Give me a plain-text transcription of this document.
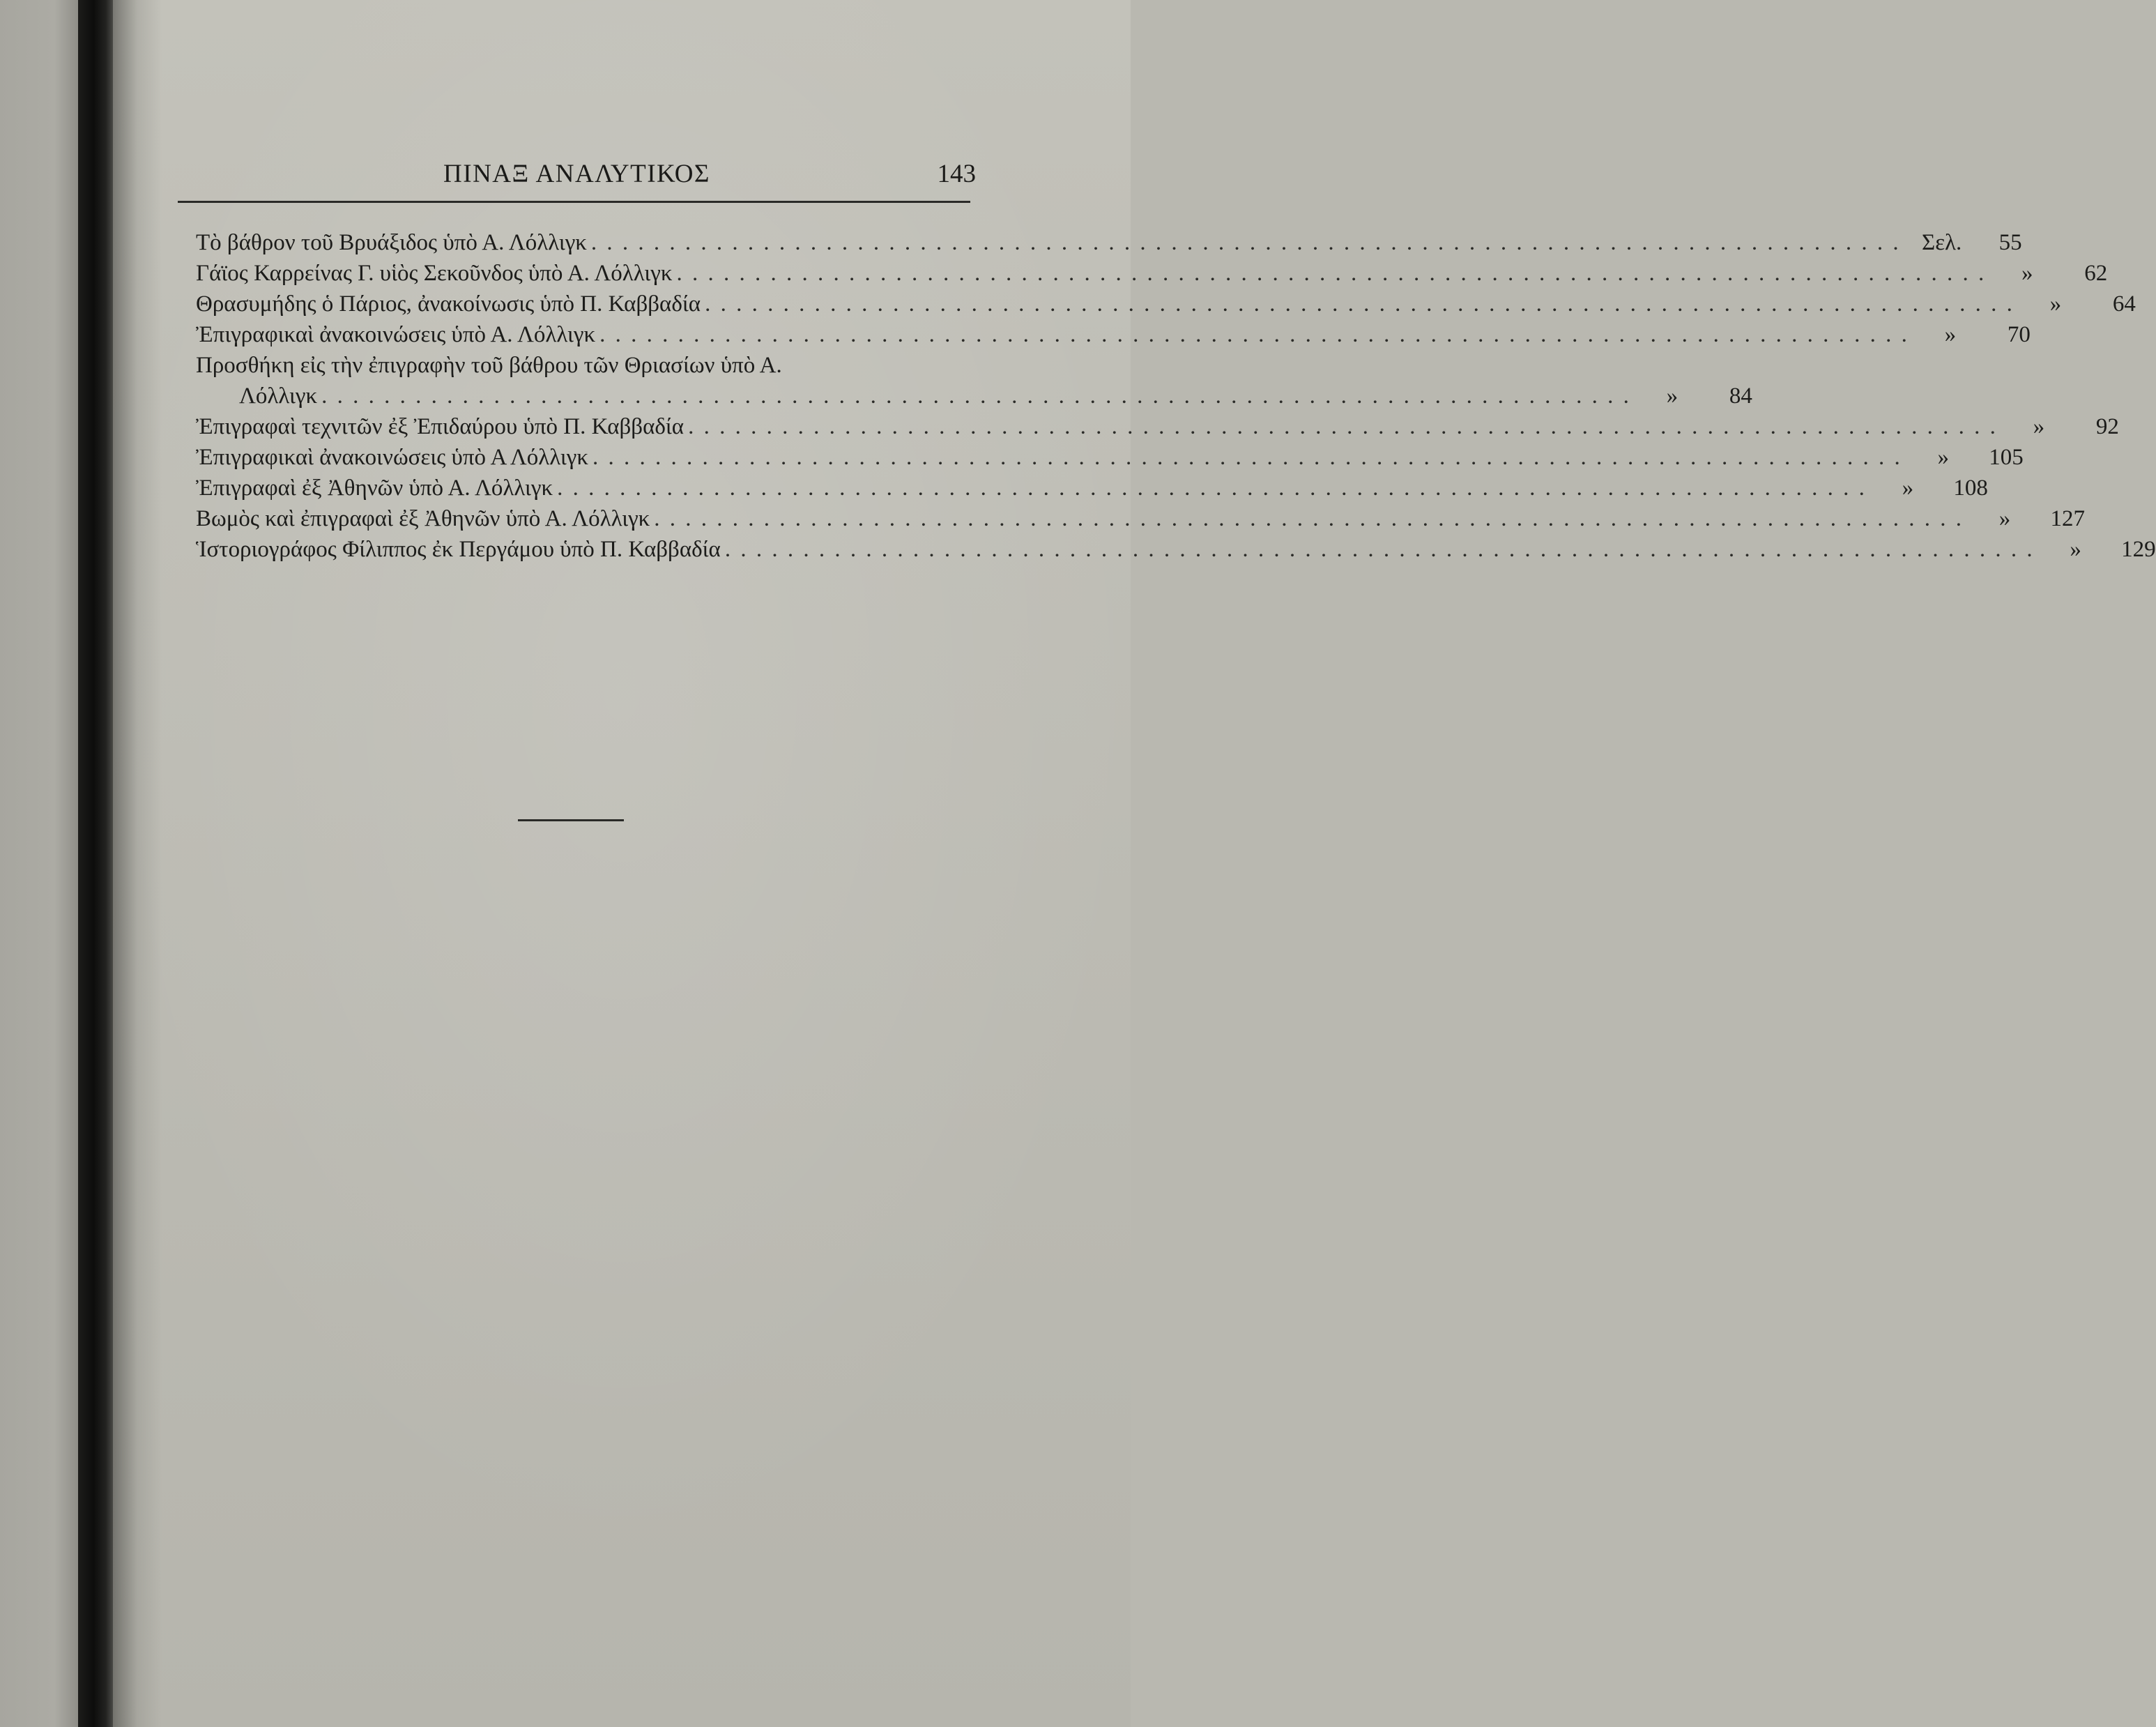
ΠΙΝΑΞ ΑΝΑΛΥΤΙΚΟΣ	143
Τὸ βάθρον τοῦ Βρυάξιδος ὑπὸ Α. Λόλλιγκ . . . . . . . . . . . . . . . . . . . . . . . . . . . . . . . . . . . . . . . . . . . . . . . . . . . . . . . . . . . . . . . . . . . . . . . . . . . . . . . . . . . . Σελ.	55
Γάϊος Καρρείνας Γ. υἱὸς Σεκοῦνδος ὑπὸ Α. Λόλλιγκ . . . . . . . . . . . . . . . . . . . . . . . . . . . . . . . . . . . . . . . . . . . . . . . . . . . . . . . . . . . . . . . . . . . . . . . . . . . . . . . . . . . .	»	62
Θρασυμήδης ὁ Πάριος, ἀνακοίνωσις ὑπὸ Π. Καββαδία . . . . . . . . . . . . . . . . . . . . . . . . . . . . . . . . . . . . . . . . . . . . . . . . . . . . . . . . . . . . . . . . . . . . . . . . . . . . . . . . . . . .	»	64
Ἐπιγραφικαὶ ἀνακοινώσεις ὑπὸ Α. Λόλλιγκ . . . . . . . . . . . . . . . . . . . . . . . . . . . . . . . . . . . . . . . . . . . . . . . . . . . . . . . . . . . . . . . . . . . . . . . . . . . . . . . . . . . .	»	70
Προσθήκη εἰς τὴν ἐπιγραφὴν τοῦ βάθρου τῶν Θριασίων ὑπὸ Α.
Λόλλιγκ . . . . . . . . . . . . . . . . . . . . . . . . . . . . . . . . . . . . . . . . . . . . . . . . . . . . . . . . . . . . . . . . . . . . . . . . . . . . . . . . . . . .	»	84
Ἐπιγραφαὶ τεχνιτῶν ἐξ Ἐπιδαύρου ὑπὸ Π. Καββαδία . . . . . . . . . . . . . . . . . . . . . . . . . . . . . . . . . . . . . . . . . . . . . . . . . . . . . . . . . . . . . . . . . . . . . . . . . . . . . . . . . . . .	»	92
Ἐπιγραφικαὶ ἀνακοινώσεις ὑπὸ Α Λόλλιγκ . . . . . . . . . . . . . . . . . . . . . . . . . . . . . . . . . . . . . . . . . . . . . . . . . . . . . . . . . . . . . . . . . . . . . . . . . . . . . . . . . . . .	»	105
Ἐπιγραφαὶ ἐξ Ἀθηνῶν ὑπὸ Α. Λόλλιγκ . . . . . . . . . . . . . . . . . . . . . . . . . . . . . . . . . . . . . . . . . . . . . . . . . . . . . . . . . . . . . . . . . . . . . . . . . . . . . . . . . . . .	»	108
Βωμὸς καὶ ἐπιγραφαὶ ἐξ Ἀθηνῶν ὑπὸ Α. Λόλλιγκ . . . . . . . . . . . . . . . . . . . . . . . . . . . . . . . . . . . . . . . . . . . . . . . . . . . . . . . . . . . . . . . . . . . . . . . . . . . . . . . . . . . .	»	127
Ἱστοριογράφος Φίλιππος ἐκ Περγάμου ὑπὸ Π. Καββαδία . . . . . . . . . . . . . . . . . . . . . . . . . . . . . . . . . . . . . . . . . . . . . . . . . . . . . . . . . . . . . . . . . . . . . . . . . . . . . . . . . . . .	»	129
